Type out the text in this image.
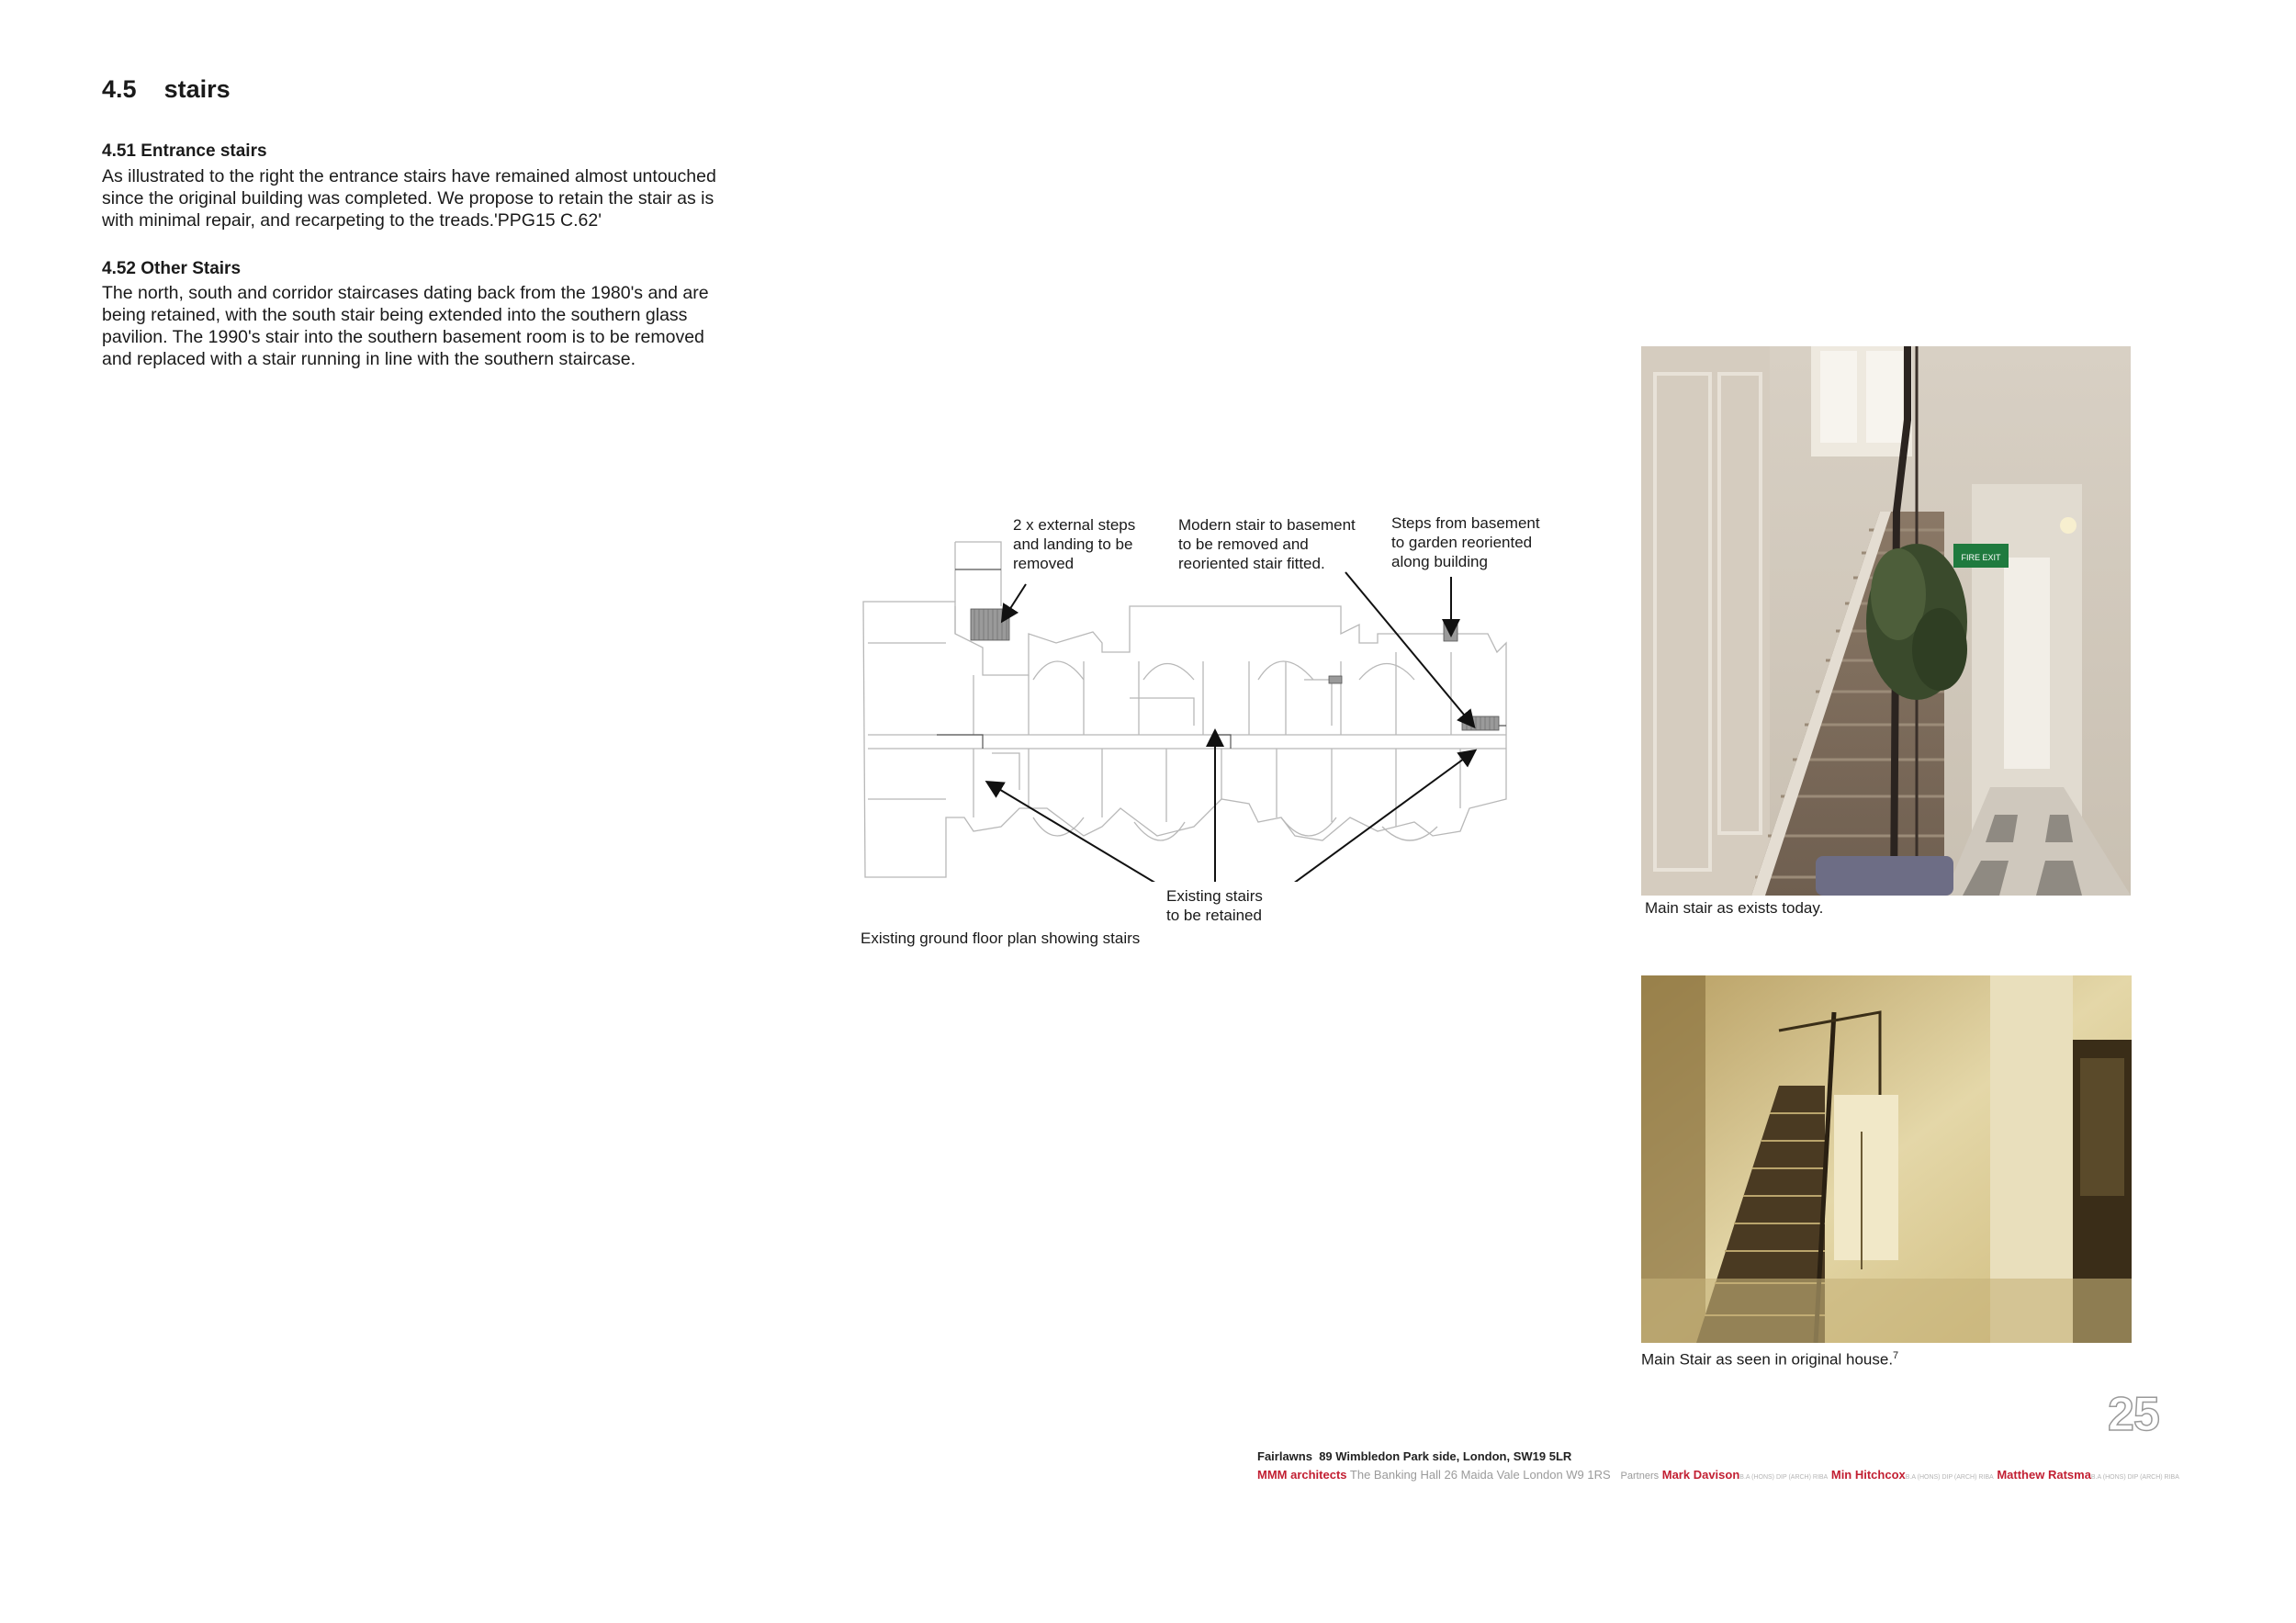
4.5 stairs
4.51 Entrance stairs
As illustrated to the right the entrance stairs have remained almost untouched
since the original building was completed. We propose to retain the stair as is
with minimal repair, and recarpeting to the treads.'PPG15 C.62'
4.52 Other Stairs
The north, south and corridor staircases dating back from the 1980's and are
being retained, with the south stair being extended into the southern glass
pavilion. The 1990's stair into the southern basement room is to be removed
and replaced with a stair running in line with the southern staircase.
2 x external steps
and landing to be
removed
Modern stair to basement
to be removed and
reoriented stair fitted.
Steps from basement
to garden reoriented
along building
Existing stairs
to be retained
Existing ground floor plan showing stairs
FIRE EXIT
Main stair as exists today.
Main Stair as seen in original house.$^7$
25
Fairlawns  89 Wimbledon Park side, London, SW19 5LR
MMM architects The Banking Hall 26 Maida Vale London W9 1RS Partners Mark DavisonB.A (HONS) DIP (ARCH) RIBA Min HitchcoxB.A (HONS) DIP (ARCH) RIBA Matthew RatsmaB.A (HONS) DIP (ARCH) RIBA
